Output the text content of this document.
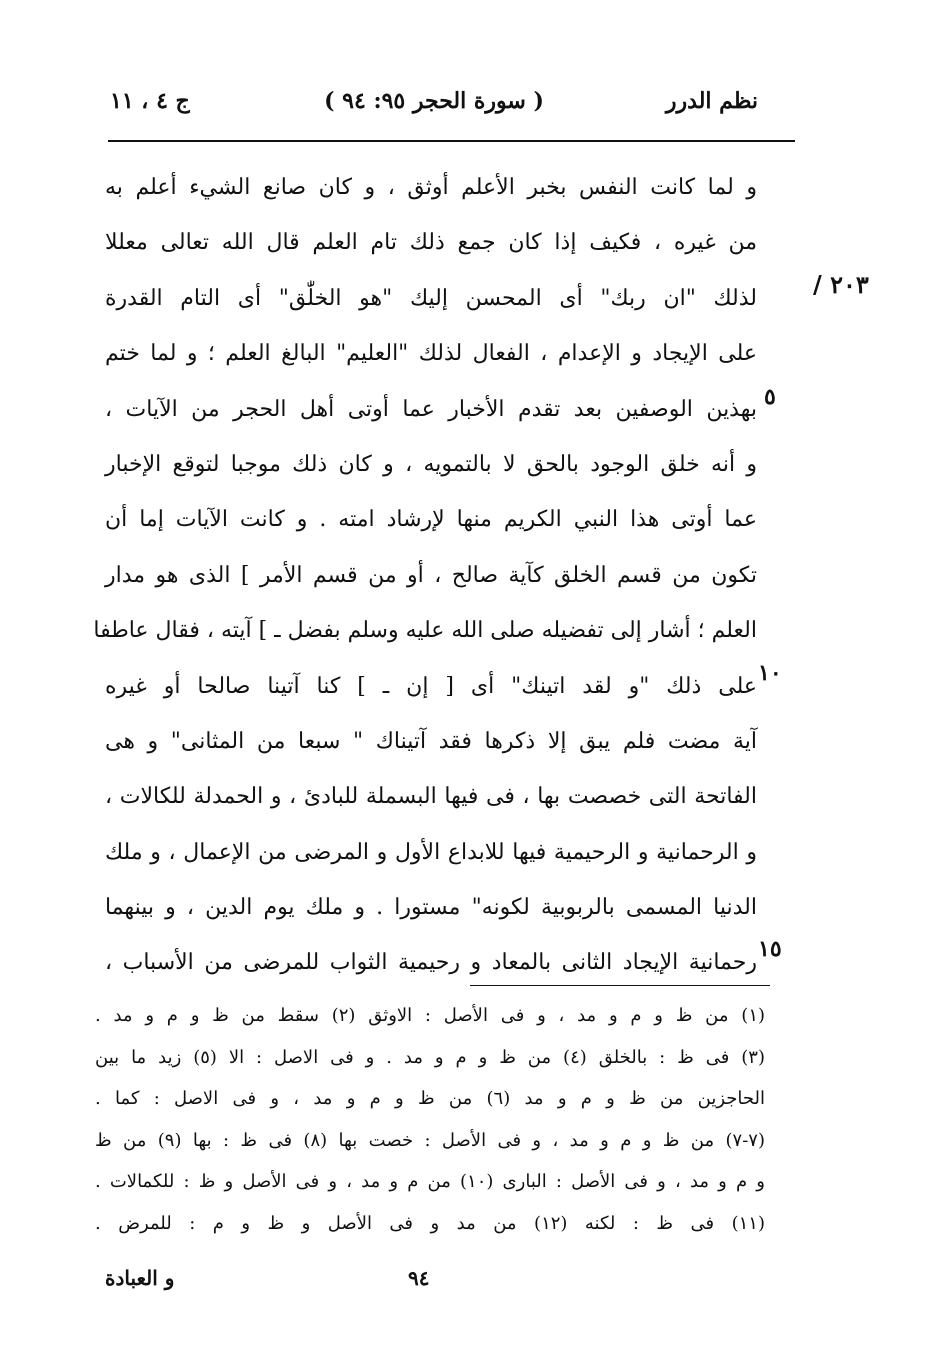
نظم الدرر
( سورة الحجر ٩٥: ٩٤ )
ج ٤ ، ١١
٢٠٣ /
٥
١٠
١٥
و لما كانت النفس بخبر الأعلم أوثق ، و كان صانع الشيء أعلم به
من غيره ، فكيف إذا كان جمع ذلك تام العلم قال الله تعالى معللا
لذلك "ان ربك" أى المحسن إليك "هو الخلّٰق" أى التام القدرة
على الإيجاد و الإعدام ، الفعال لذلك "العليم" البالغ العلم ؛ و لما ختم
بهذين الوصفين بعد تقدم الأخبار عما أوتى أهل الحجر من الآيات ،
و أنه خلق الوجود بالحق لا بالتمويه ، و كان ذلك موجبا لتوقع الإخبار
عما أوتى هذا النبي الكريم منها لإرشاد امته . و كانت الآيات إما أن
تكون من قسم الخلق كآية صالح ، أو من قسم الأمر ] الذى هو مدار
العلم ؛ أشار إلى تفضيله صلى الله عليه وسلم بفضل ـ ] آيته ، فقال عاطفا
على ذلك "و لقد اتينك" أى [ إن ـ ] كنا آتينا صالحا أو غيره
آية مضت فلم يبق إلا ذكرها فقد آتيناك " سبعا من المثانى" و هى
الفاتحة التى خصصت بها ، فى فيها البسملة للبادئ ، و الحمدلة للكالات ،
و الرحمانية و الرحيمية فيها للابداع الأول و المرضى من الإعمال ، و ملك
الدنيا المسمى بالربوبية لكونه" مستورا . و ملك يوم الدين ، و بينهما
رحمانية الإيجاد الثانى بالمعاد و رحيمية الثواب للمرضى من الأسباب ،
(١) من ظ و م و مد ، و فى الأصل : الاوثق (٢) سقط من ظ و م و مد .
(٣) فى ظ : بالخلق (٤) من ظ و م و مد . و فى الاصل : الا (٥) زيد ما بين
الحاجزين من ظ و م و مد (٦) من ظ و م و مد ، و فى الاصل : كما .
(٧-٧) من ظ و م و مد ، و فى الأصل : خصت بها (٨) فى ظ : بها (٩) من ظ
و م و مد ، و فى الأصل : البارى (١٠) من م و مد ، و فى الأصل و ظ : للكمالات .
(١١) فى ظ : لكنه (١٢) من مد و فى الأصل و ظ و م : للمرض .
و العبادة	٩٤
